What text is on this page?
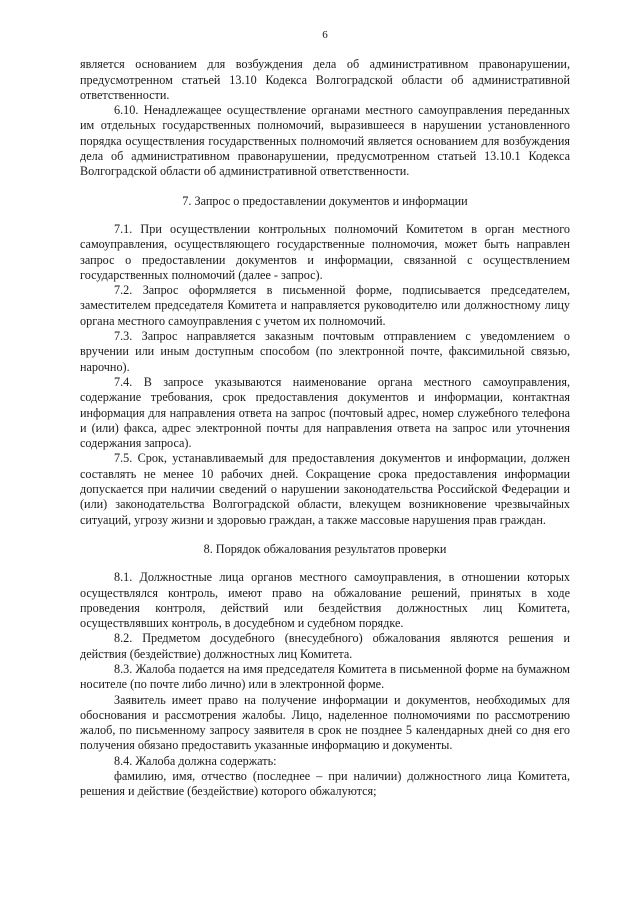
6

является основанием для возбуждения дела об административном правонарушении, предусмотренном статьей 13.10 Кодекса Волгоградской области об административной ответственности.

6.10. Ненадлежащее осуществление органами местного самоуправления переданных им отдельных государственных полномочий, выразившееся в нарушении установленного порядка осуществления государственных полномочий является основанием для возбуждения дела об административном правонарушении, предусмотренном статьей 13.10.1 Кодекса Волгоградской области об административной ответственности.

7. Запрос о предоставлении документов и информации

7.1. При осуществлении контрольных полномочий Комитетом в орган местного самоуправления, осуществляющего государственные полномочия, может быть направлен запрос о предоставлении документов и информации, связанной с осуществлением государственных полномочий (далее - запрос).

7.2. Запрос оформляется в письменной форме, подписывается председателем, заместителем председателя Комитета и направляется руководителю или должностному лицу органа местного самоуправления с учетом их полномочий.

7.3. Запрос направляется заказным почтовым отправлением с уведомлением о вручении или иным доступным способом (по электронной почте, факсимильной связью, нарочно).

7.4. В запросе указываются наименование органа местного самоуправления, содержание требования, срок предоставления документов и информации, контактная информация для направления ответа на запрос (почтовый адрес, номер служебного телефона и (или) факса, адрес электронной почты для направления ответа на запрос или уточнения содержания запроса).

7.5. Срок, устанавливаемый для предоставления документов и информации, должен составлять не менее 10 рабочих дней. Сокращение срока предоставления информации допускается при наличии сведений о нарушении законодательства Российской Федерации и (или) законодательства Волгоградской области, влекущем возникновение чрезвычайных ситуаций, угрозу жизни и здоровью граждан, а также массовые нарушения прав граждан.

8. Порядок обжалования результатов проверки

8.1. Должностные лица органов местного самоуправления, в отношении которых осуществлялся контроль, имеют право на обжалование решений, принятых в ходе проведения контроля, действий или бездействия должностных лиц Комитета, осуществлявших контроль, в досудебном и судебном порядке.

8.2. Предметом досудебного (внесудебного) обжалования являются решения и действия (бездействие) должностных лиц Комитета.

8.3. Жалоба подается на имя председателя Комитета в письменной форме на бумажном носителе (по почте либо лично) или в электронной форме.

Заявитель имеет право на получение информации и документов, необходимых для обоснования и рассмотрения жалобы. Лицо, наделенное полномочиями по рассмотрению жалоб, по письменному запросу заявителя в срок не позднее 5 календарных дней со дня его получения обязано предоставить указанные информацию и документы.

8.4. Жалоба должна содержать:

фамилию, имя, отчество (последнее – при наличии) должностного лица Комитета, решения и действие (бездействие) которого обжалуются;
